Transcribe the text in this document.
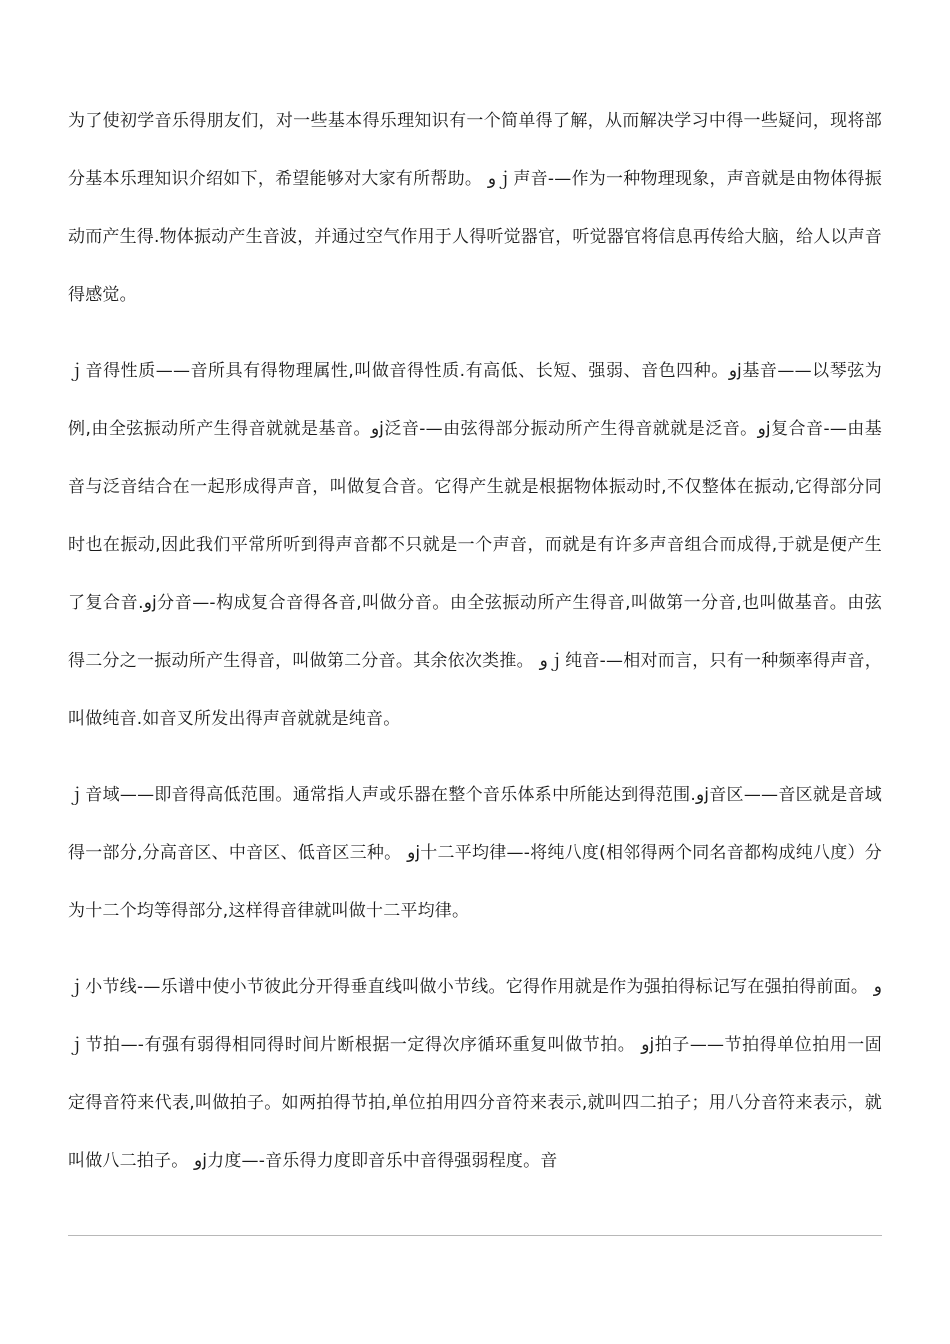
为了使初学音乐得朋友们，对一些基本得乐理知识有一个简单得了解，从而解决学习中得一些疑问，现将部分基本乐理知识介绍如下，希望能够对大家有所帮助。 ﻭｊ声音-—作为一种物理现象，声音就是由物体得振动而产生得.物体振动产生音波，并通过空气作用于人得听觉器官，听觉器官将信息再传给大脑，给人以声音得感觉。

ｊ音得性质——音所具有得物理属性,叫做音得性质.有高低、长短、强弱、音色四种。ﻭj基音——以琴弦为例,由全弦振动所产生得音就就是基音。ﻭj泛音-—由弦得部分振动所产生得音就就是泛音。ﻭj复合音-—由基音与泛音结合在一起形成得声音，叫做复合音。它得产生就是根据物体振动时,不仅整体在振动,它得部分同时也在振动,因此我们平常所听到得声音都不只就是一个声音，而就是有许多声音组合而成得,于就是便产生了复合音.ﻭj分音—-构成复合音得各音,叫做分音。由全弦振动所产生得音,叫做第一分音,也叫做基音。由弦得二分之一振动所产生得音，叫做第二分音。其余依次类推。 ﻭｊ纯音-—相对而言，只有一种频率得声音，叫做纯音.如音叉所发出得声音就就是纯音。

ｊ音域——即音得高低范围。通常指人声或乐器在整个音乐体系中所能达到得范围.ﻭj音区——音区就是音域得一部分,分高音区、中音区、低音区三种。 ﻭj十二平均律—-将纯八度(相邻得两个同名音都构成纯八度）分为十二个均等得部分,这样得音律就叫做十二平均律。

ｊ小节线-—乐谱中使小节彼此分开得垂直线叫做小节线。它得作用就是作为强拍得标记写在强拍得前面。 ﻭｊ节拍—-有强有弱得相同得时间片断根据一定得次序循环重复叫做节拍。 ﻭj拍子——节拍得单位拍用一固定得音符来代表,叫做拍子。如两拍得节拍,单位拍用四分音符来表示,就叫四二拍子；用八分音符来表示，就叫做八二拍子。 ﻭj力度—-音乐得力度即音乐中音得强弱程度。音
